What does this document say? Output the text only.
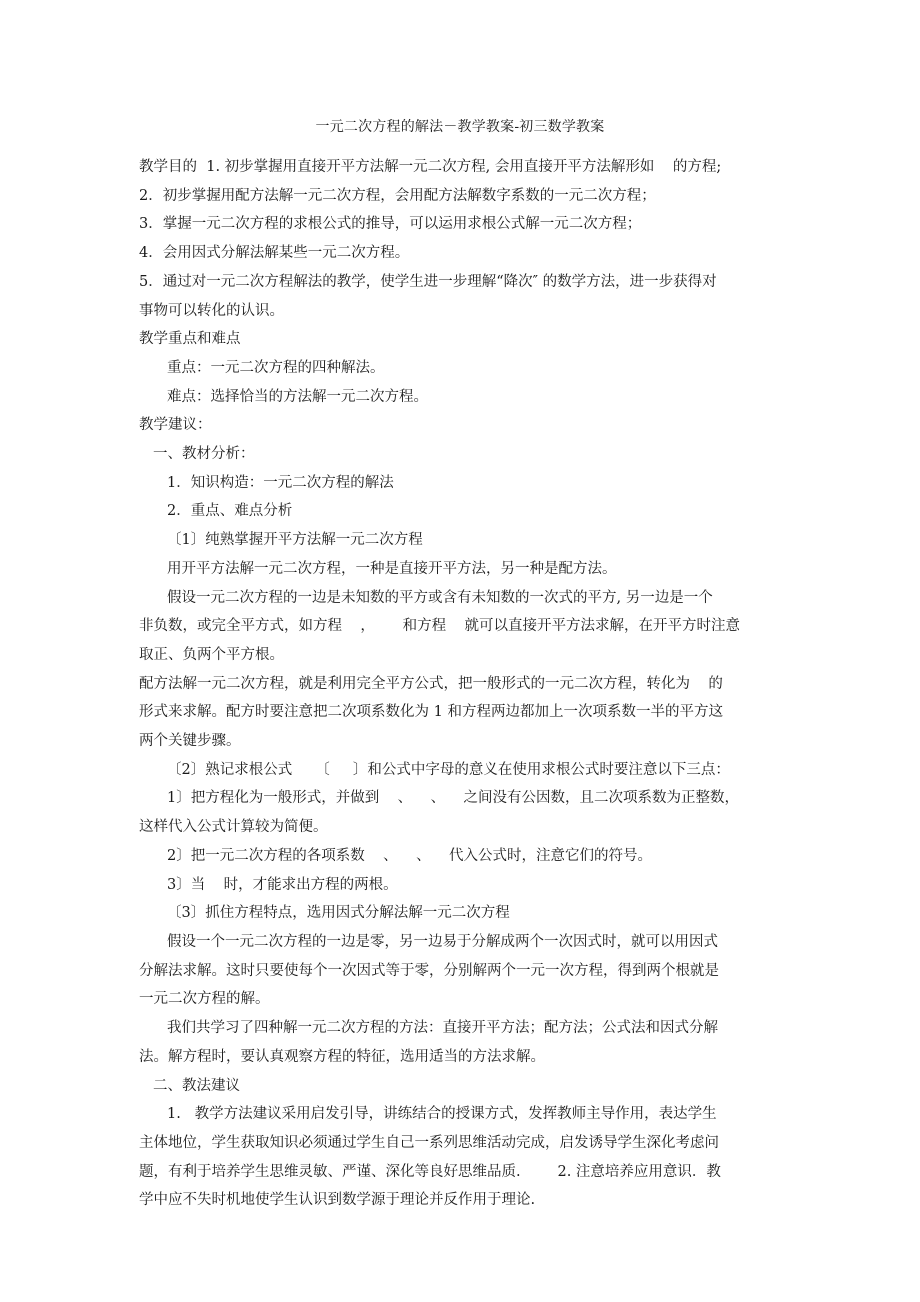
一元二次方程的解法－教学教案-初三数学教案
教学目的  1. 初步掌握用直接开平方法解一元二次方程, 会用直接开平方法解形如    的方程;
2．初步掌握用配方法解一元二次方程，会用配方法解数字系数的一元二次方程；
3．掌握一元二次方程的求根公式的推导，可以运用求根公式解一元二次方程；
4．会用因式分解法解某些一元二次方程。
5．通过对一元二次方程解法的教学，使学生进一步理解“降次″ 的数学方法，进一步获得对
事物可以转化的认识。
教学重点和难点
重点：一元二次方程的四种解法。
难点：选择恰当的方法解一元二次方程。
教学建议：
一、教材分析：
1．知识构造：一元二次方程的解法
2．重点、难点分析
〔1〕纯熟掌握开平方法解一元二次方程
用开平方法解一元二次方程，一种是直接开平方法，另一种是配方法。
假设一元二次方程的一边是未知数的平方或含有未知数的一次式的平方, 另一边是一个
非负数，或完全平方式，如方程    ，      和方程    就可以直接开平方法求解，在开平方时注意
取正、负两个平方根。
配方法解一元二次方程，就是利用完全平方公式，把一般形式的一元二次方程，转化为    的
形式来求解。配方时要注意把二次项系数化为 1 和方程两边都加上一次项系数一半的平方这
两个关键步骤。
〔2〕熟记求根公式     〔     〕和公式中字母的意义在使用求根公式时要注意以下三点：
1〕把方程化为一般形式，并做到    、    、    之间没有公因数，且二次项系数为正整数，
这样代入公式计算较为简便。
2〕把一元二次方程的各项系数    、    、    代入公式时，注意它们的符号。
3〕当    时，才能求出方程的两根。
〔3〕抓住方程特点，选用因式分解法解一元二次方程
假设一个一元二次方程的一边是零，另一边易于分解成两个一次因式时，就可以用因式
分解法求解。这时只要使每个一次因式等于零，分别解两个一元一次方程，得到两个根就是
一元二次方程的解。
我们共学习了四种解一元二次方程的方法：直接开平方法；配方法；公式法和因式分解
法。解方程时，要认真观察方程的特征，选用适当的方法求解。
二、教法建议
1.   教学方法建议采用启发引导，讲练结合的授课方式，发挥教师主导作用，表达学生
主体地位，学生获取知识必须通过学生自己一系列思维活动完成，启发诱导学生深化考虑问
题，有利于培养学生思维灵敏、严谨、深化等良好思维品质.        2. 注意培养应用意识．教
学中应不失时机地使学生认识到数学源于理论并反作用于理论.
